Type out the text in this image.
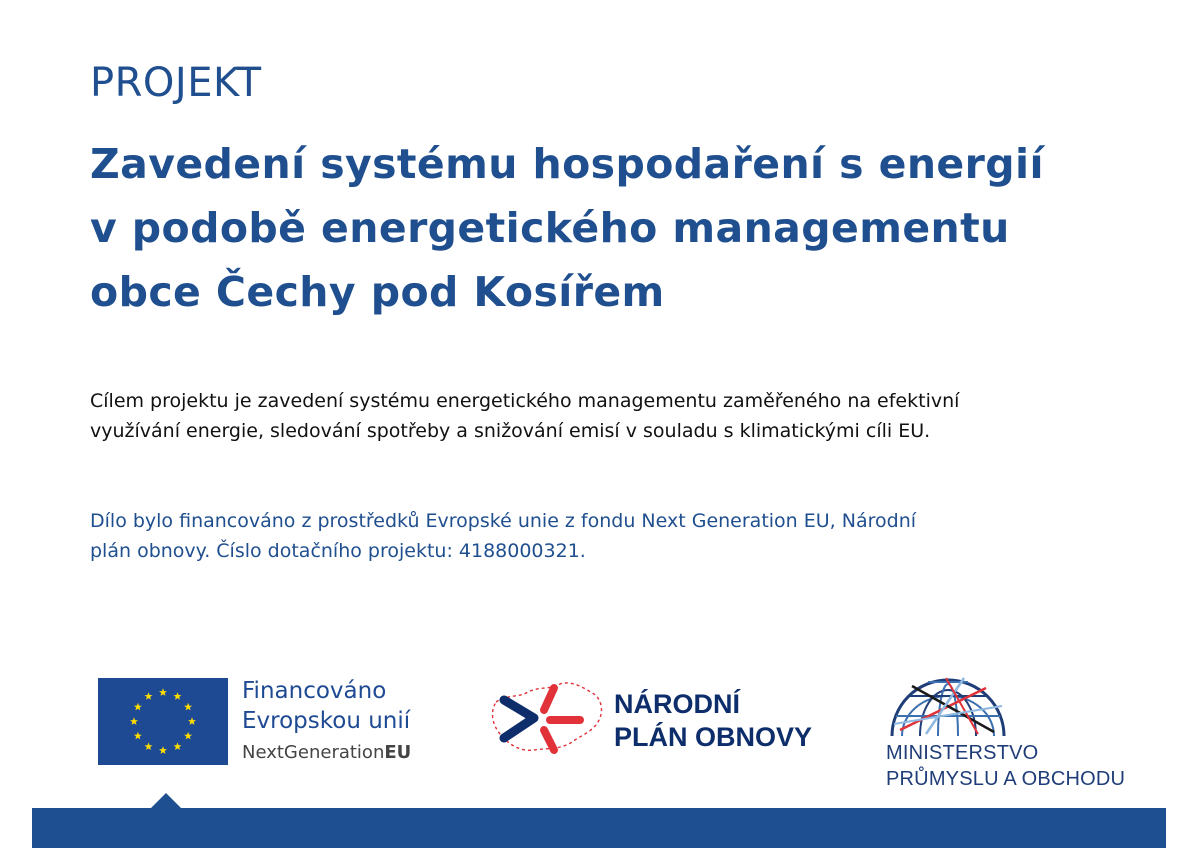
PROJEKT
Zavedení systému hospodaření s energií
v podobě energetického managementu
obce Čechy pod Kosířem

Cílem projektu je zavedení systému energetického managementu zaměřeného na efektivní
využívání energie, sledování spotřeby a snižování emisí v souladu s klimatickými cíli EU.

Dílo bylo financováno z prostředků Evropské unie z fondu Next Generation EU, Národní
plán obnovy. Číslo dotačního projektu: 4188000321.

Financováno
Evropskou unií
NextGenerationEU
NÁRODNÍ
PLÁN OBNOVY
MINISTERSTVO
PRŮMYSLU A OBCHODU
